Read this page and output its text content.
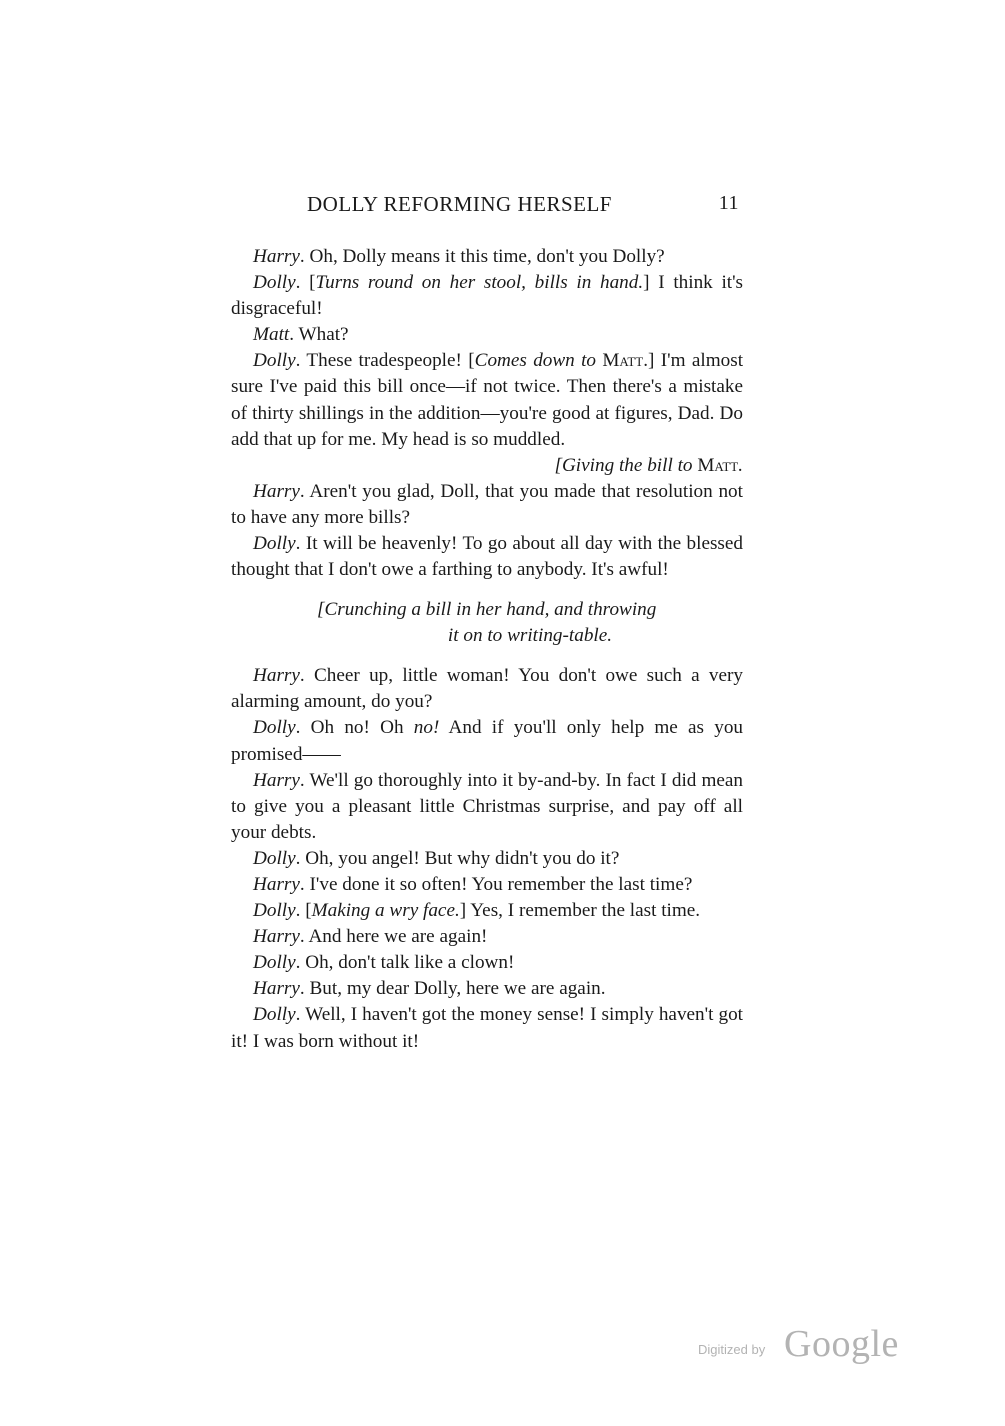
DOLLY REFORMING HERSELF	11

Harry. Oh, Dolly means it this time, don't you Dolly?

Dolly. [Turns round on her stool, bills in hand.] I think it's disgraceful!

Matt. What?

Dolly. These tradespeople! [Comes down to Matt.] I'm almost sure I've paid this bill once—if not twice. Then there's a mistake of thirty shillings in the addition—you're good at figures, Dad. Do add that up for me. My head is so muddled.

[Giving the bill to Matt.

Harry. Aren't you glad, Doll, that you made that resolution not to have any more bills?

Dolly. It will be heavenly! To go about all day with the blessed thought that I don't owe a farthing to anybody. It's awful!

[Crunching a bill in her hand, and throwing
it on to writing-table.

Harry. Cheer up, little woman! You don't owe such a very alarming amount, do you?

Dolly. Oh no! Oh no! And if you'll only help me as you promised——

Harry. We'll go thoroughly into it by-and-by. In fact I did mean to give you a pleasant little Christmas surprise, and pay off all your debts.

Dolly. Oh, you angel! But why didn't you do it?

Harry. I've done it so often! You remember the last time?

Dolly. [Making a wry face.] Yes, I remember the last time.

Harry. And here we are again!

Dolly. Oh, don't talk like a clown!

Harry. But, my dear Dolly, here we are again.

Dolly. Well, I haven't got the money sense! I simply haven't got it! I was born without it!

Digitized by Google
